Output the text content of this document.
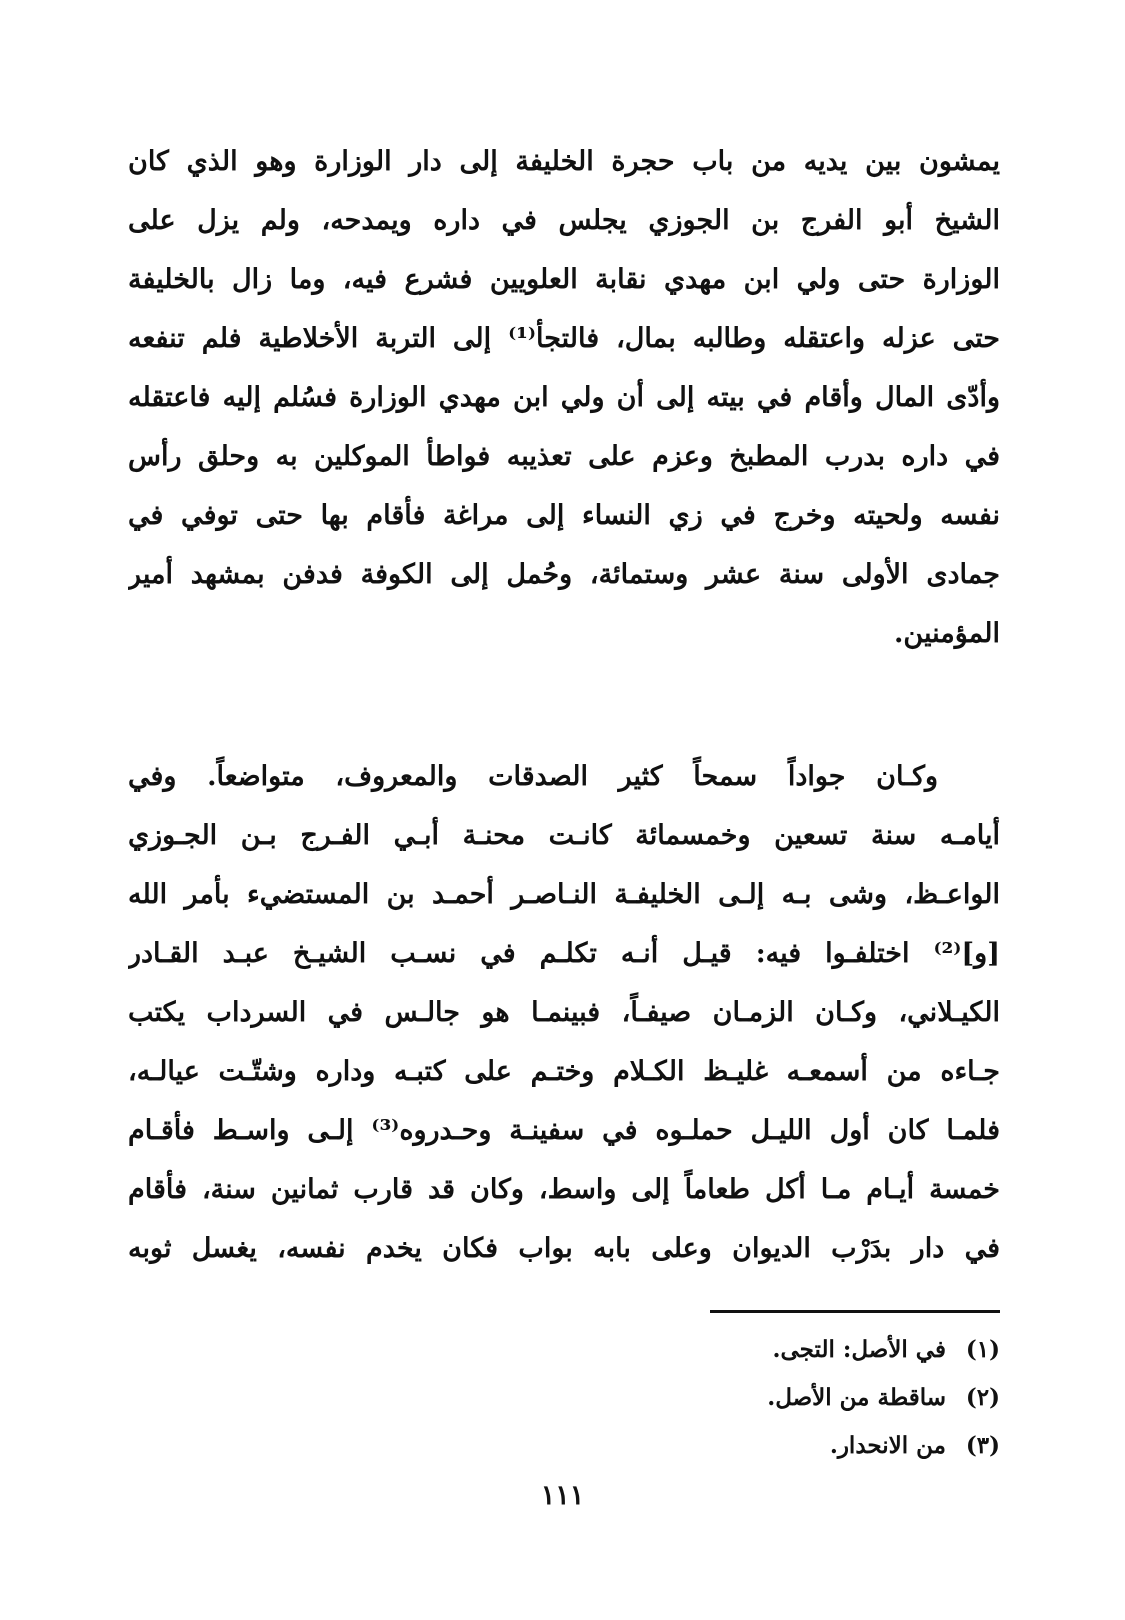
يمشون بين يديه من باب حجرة الخليفة إلى دار الوزارة وهو الذي كان
الشيخ أبو الفرج بن الجوزي يجلس في داره ويمدحه، ولم يزل على
الوزارة حتى ولي ابن مهدي نقابة العلويين فشرع فيه، وما زال بالخليفة
حتى عزله واعتقله وطالبه بمال، فالتجأ⁽¹⁾ إلى التربة الأخلاطية فلم تنفعه
وأدّى المال وأقام في بيته إلى أن ولي ابن مهدي الوزارة فسُلم إليه فاعتقله
في داره بدرب المطبخ وعزم على تعذيبه فواطأ الموكلين به وحلق رأس
نفسه ولحيته وخرج في زي النساء إلى مراغة فأقام بها حتى توفي في
جمادى الأولى سنة عشر وستمائة، وحُمل إلى الكوفة فدفن بمشهد أمير
المؤمنين.
وكـان جواداً سمحاً كثير الصدقات والمعروف، متواضعاً. وفي
أيامـه سنة تسعين وخمسمائة كانـت محنـة أبـي الفـرج بـن الجـوزي
الواعـظ، وشى بـه إلـى الخليفـة النـاصـر أحمـد بن المستضيء بأمر الله
[و]⁽²⁾ اختلفـوا فيه: قيـل أنـه تكلـم في نسـب الشيـخ عبـد القـادر
الكيـلاني، وكـان الزمـان صيفـاً، فبينمـا هو جالـس في السرداب يكتب
جـاءه من أسمعـه غليـظ الكـلام وختـم على كتبـه وداره وشتّـت عيالـه،
فلمـا كان أول الليـل حملـوه في سفينـة وحـدروه⁽³⁾ إلـى واسـط فأقـام
خمسة أيـام مـا أكل طعاماً إلى واسط، وكان قد قارب ثمانين سنة، فأقام
في دار بدَرْب الديوان وعلى بابه بواب فكان يخدم نفسه، يغسل ثوبه
(١) في الأصل: التجى.
(٢) ساقطة من الأصل.
(٣) من الانحدار.
١١١
